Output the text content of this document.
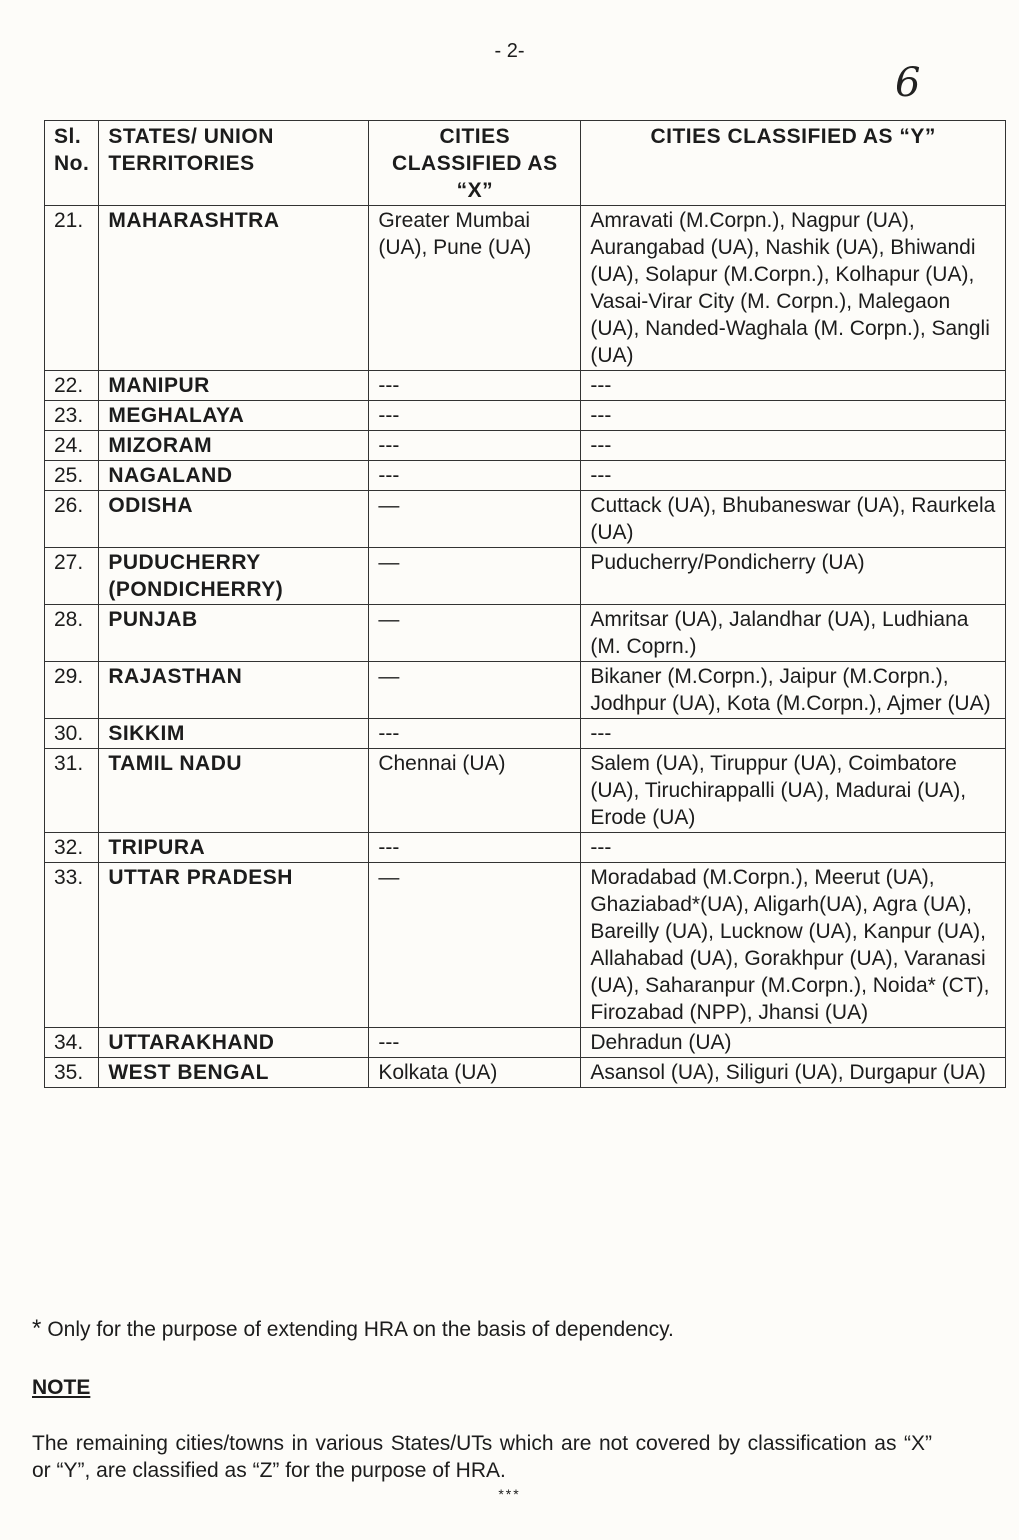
- 2-
6
Sl. No.	STATES/ UNION TERRITORIES	CITIES CLASSIFIED AS “X”	CITIES CLASSIFIED AS “Y”
21.	MAHARASHTRA	Greater Mumbai (UA), Pune (UA)	Amravati (M.Corpn.), Nagpur (UA), Aurangabad (UA), Nashik (UA), Bhiwandi (UA), Solapur (M.Corpn.), Kolhapur (UA), Vasai-Virar City (M. Corpn.), Malegaon (UA), Nanded-Waghala (M. Corpn.), Sangli (UA)
22.	MANIPUR	---	---
23.	MEGHALAYA	---	---
24.	MIZORAM	---	---
25.	NAGALAND	---	---
26.	ODISHA	—	Cuttack (UA), Bhubaneswar (UA), Raurkela (UA)
27.	PUDUCHERRY (PONDICHERRY)	—	Puducherry/Pondicherry (UA)
28.	PUNJAB	—	Amritsar (UA), Jalandhar (UA), Ludhiana (M. Coprn.)
29.	RAJASTHAN	—	Bikaner (M.Corpn.), Jaipur (M.Corpn.), Jodhpur (UA), Kota (M.Corpn.), Ajmer (UA)
30.	SIKKIM	---	---
31.	TAMIL NADU	Chennai (UA)	Salem (UA), Tiruppur (UA), Coimbatore (UA), Tiruchirappalli (UA), Madurai (UA), Erode (UA)
32.	TRIPURA	---	---
33.	UTTAR PRADESH	—	Moradabad (M.Corpn.), Meerut (UA), Ghaziabad*(UA), Aligarh(UA), Agra (UA), Bareilly (UA), Lucknow (UA), Kanpur (UA), Allahabad (UA), Gorakhpur (UA), Varanasi (UA), Saharanpur (M.Corpn.), Noida* (CT), Firozabad (NPP), Jhansi (UA)
34.	UTTARAKHAND	---	Dehradun (UA)
35.	WEST BENGAL	Kolkata (UA)	Asansol (UA), Siliguri (UA), Durgapur (UA)
* Only for the purpose of extending HRA on the basis of dependency.
NOTE
The remaining cities/towns in various States/UTs which are not covered by classification as “X” or “Y”, are classified as “Z” for the purpose of HRA.
***
